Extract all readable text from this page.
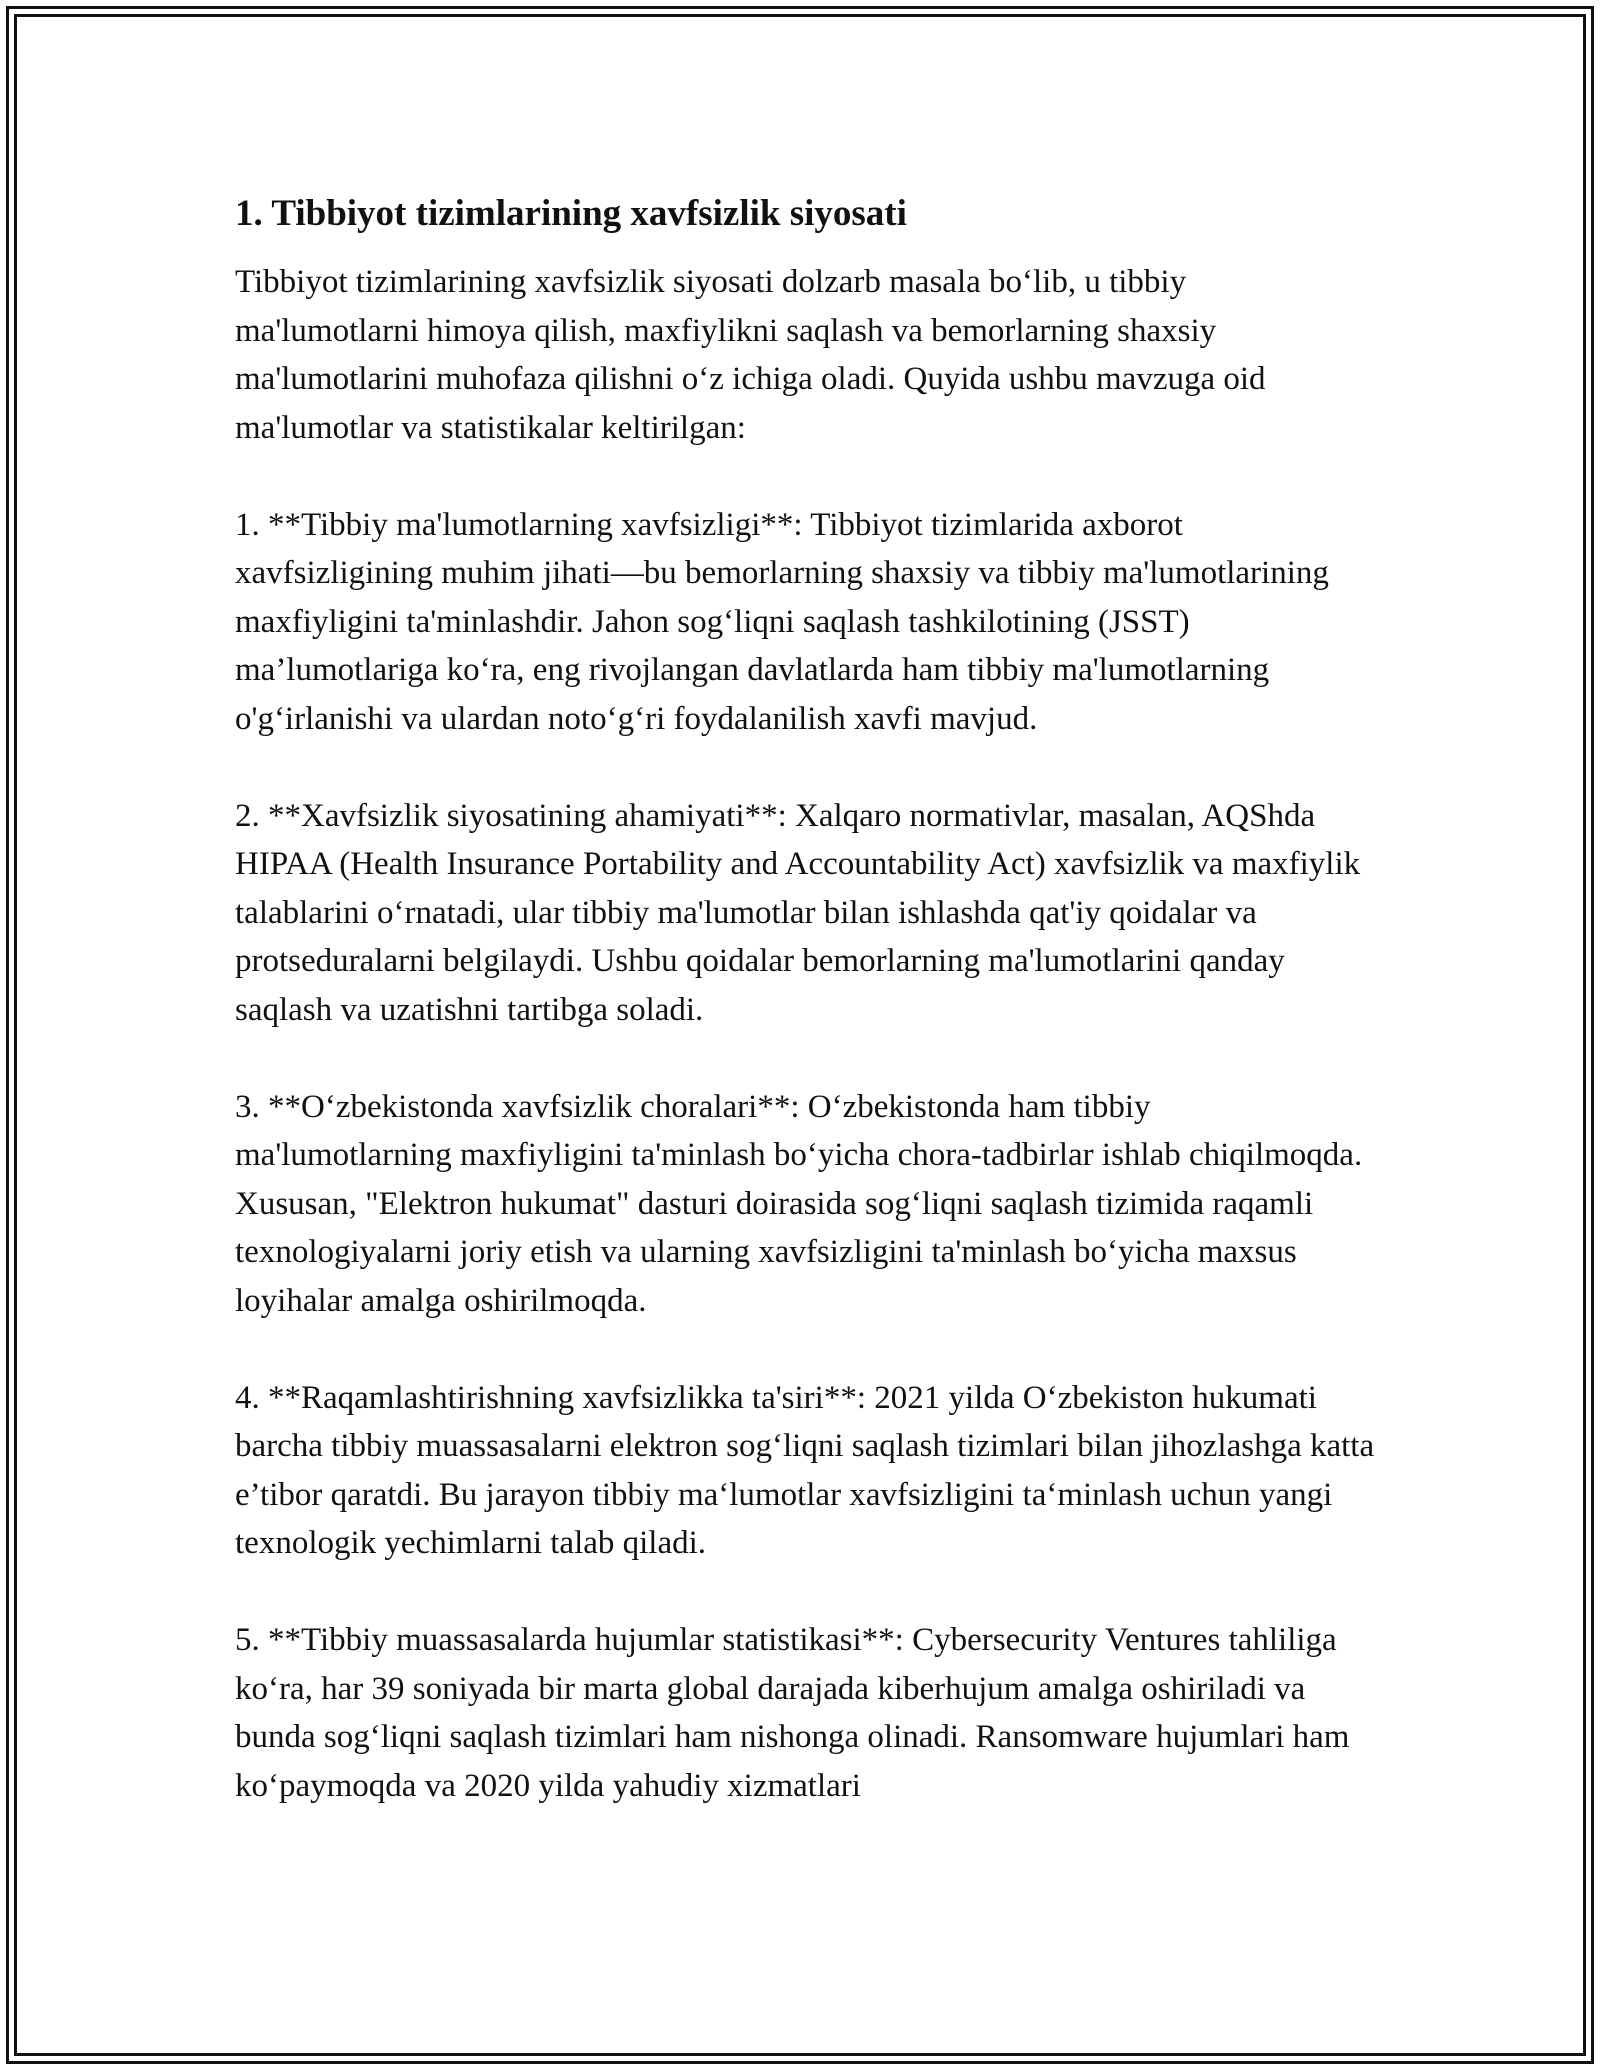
1. Tibbiyot tizimlarining xavfsizlik siyosati

Tibbiyot tizimlarining xavfsizlik siyosati dolzarb masala bo‘lib, u tibbiy ma'lumotlarni himoya qilish, maxfiylikni saqlash va bemorlarning shaxsiy ma'lumotlarini muhofaza qilishni o‘z ichiga oladi. Quyida ushbu mavzuga oid ma'lumotlar va statistikalar keltirilgan:

1. **Tibbiy ma'lumotlarning xavfsizligi**: Tibbiyot tizimlarida axborot xavfsizligining muhim jihati—bu bemorlarning shaxsiy va tibbiy ma'lumotlarining maxfiyligini ta'minlashdir. Jahon sog‘liqni saqlash tashkilotining (JSST) ma’lumotlariga ko‘ra, eng rivojlangan davlatlarda ham tibbiy ma'lumotlarning o'g‘irlanishi va ulardan noto‘g‘ri foydalanilish xavfi mavjud.

2. **Xavfsizlik siyosatining ahamiyati**: Xalqaro normativlar, masalan, AQShda HIPAA (Health Insurance Portability and Accountability Act) xavfsizlik va maxfiylik talablarini o‘rnatadi, ular tibbiy ma'lumotlar bilan ishlashda qat'iy qoidalar va protseduralarni belgilaydi. Ushbu qoidalar bemorlarning ma'lumotlarini qanday saqlash va uzatishni tartibga soladi.

3. **O‘zbekistonda xavfsizlik choralari**: O‘zbekistonda ham tibbiy ma'lumotlarning maxfiyligini ta'minlash bo‘yicha chora-tadbirlar ishlab chiqilmoqda. Xususan, "Elektron hukumat" dasturi doirasida sog‘liqni saqlash tizimida raqamli texnologiyalarni joriy etish va ularning xavfsizligini ta'minlash bo‘yicha maxsus loyihalar amalga oshirilmoqda.

4. **Raqamlashtirishning xavfsizlikka ta'siri**: 2021 yilda O‘zbekiston hukumati barcha tibbiy muassasalarni elektron sog‘liqni saqlash tizimlari bilan jihozlashga katta e’tibor qaratdi. Bu jarayon tibbiy ma‘lumotlar xavfsizligini ta‘minlash uchun yangi texnologik yechimlarni talab qiladi.

5. **Tibbiy muassasalarda hujumlar statistikasi**: Cybersecurity Ventures tahliliga ko‘ra, har 39 soniyada bir marta global darajada kiberhujum amalga oshiriladi va bunda sog‘liqni saqlash tizimlari ham nishonga olinadi. Ransomware hujumlari ham ko‘paymoqda va 2020 yilda yahudiy xizmatlari
